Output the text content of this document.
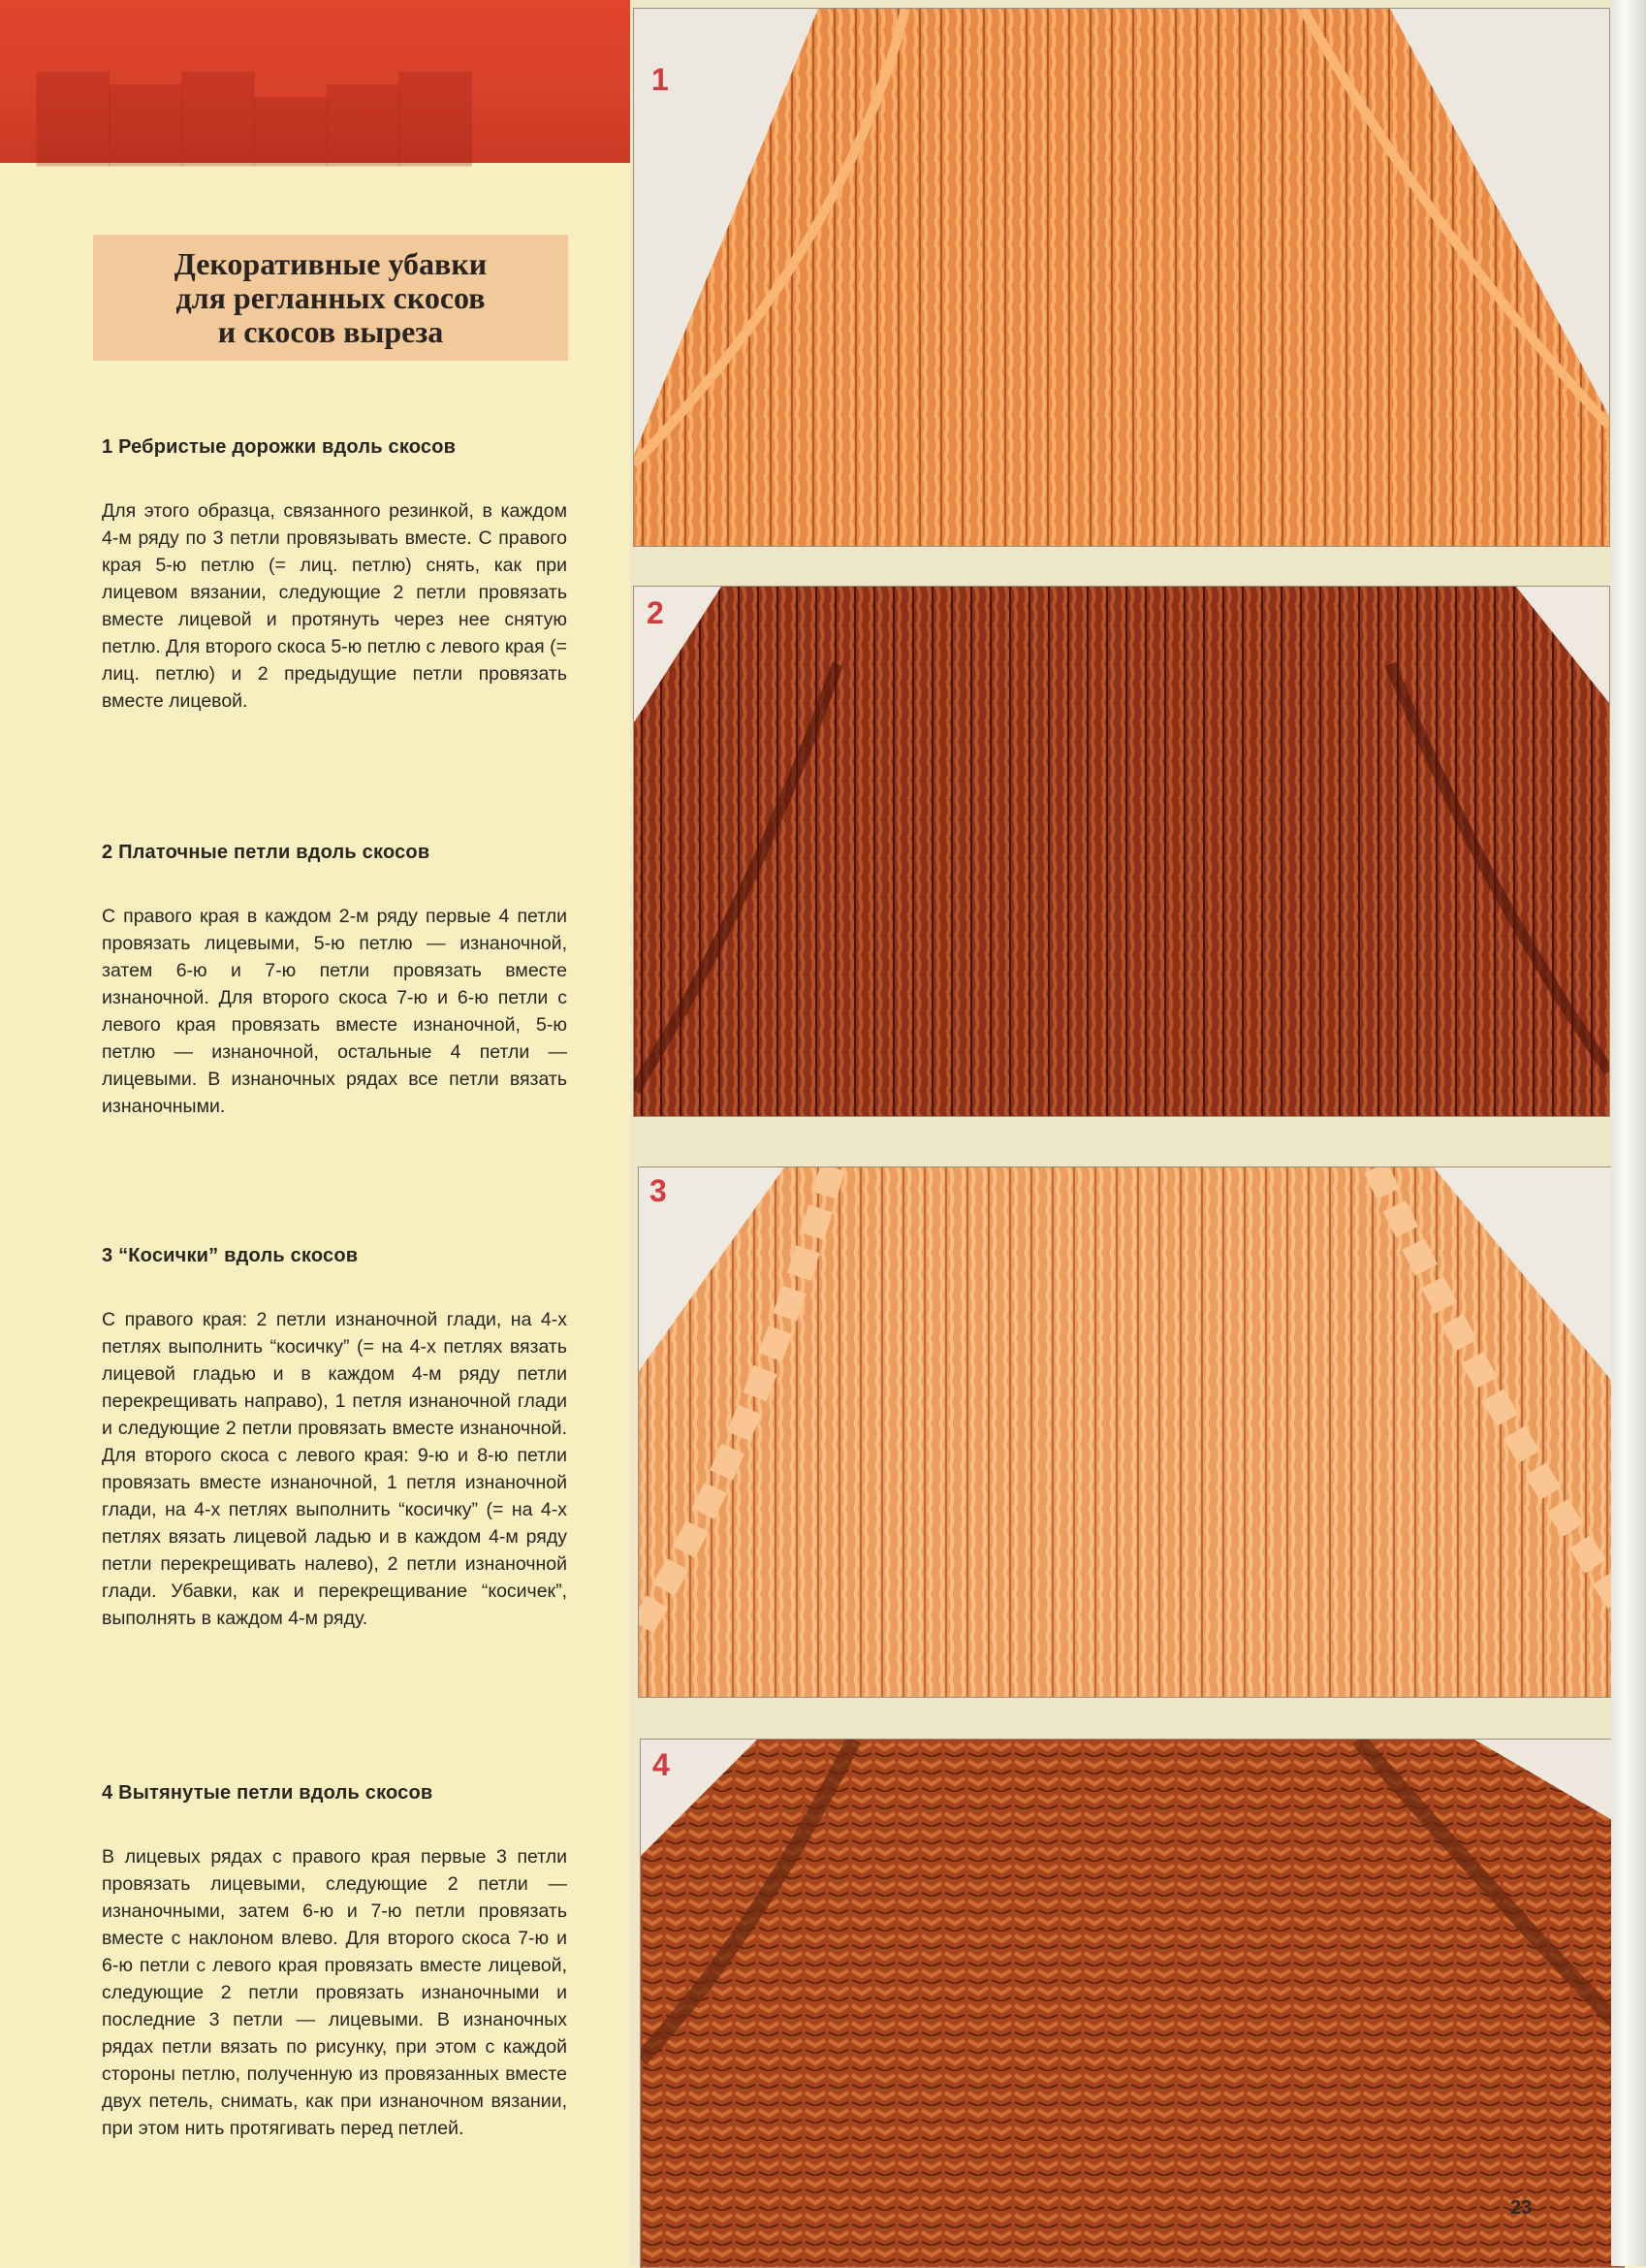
▇▆▇▅▆▇
Декоративные убавки
для регланных скосов
и скосов выреза
1 Ребристые дорожки вдоль скосов

Для этого образца, связанного резинкой, в каждом 4-м ряду по 3 петли провязывать вместе. С правого края 5-ю петлю (= лиц. петлю) снять, как при лицевом вязании, следующие 2 петли провязать вместе лицевой и протянуть через нее снятую петлю. Для второго скоса 5-ю петлю с левого края (= лиц. петлю) и 2 предыдущие петли провязать вместе лицевой.

2 Платочные петли вдоль скосов

С правого края в каждом 2-м ряду первые 4 петли провязать лицевыми, 5-ю петлю — изнаночной, затем 6-ю и 7-ю петли провязать вместе изнаночной. Для второго скоса 7-ю и 6-ю петли с левого края провязать вместе изнаночной, 5-ю петлю — изнаночной, остальные 4 петли — лицевыми. В изнаночных рядах все петли вязать изнаночными.

3 “Косички” вдоль скосов

С правого края: 2 петли изнаночной глади, на 4-х петлях выполнить “косичку” (= на 4-х петлях вязать лицевой гладью и в каждом 4-м ряду петли перекрещивать направо), 1 петля изнаночной глади и следующие 2 петли провязать вместе изнаночной. Для второго скоса с левого края: 9-ю и 8-ю петли провязать вместе изнаночной, 1 петля изнаночной глади, на 4-х петлях выполнить “косичку” (= на 4-х петлях вязать лицевой ладью и в каждом 4-м ряду петли перекрещивать налево), 2 петли изнаночной глади. Убавки, как и перекрещивание “косичек”, выполнять в каждом 4-м ряду.

4 Вытянутые петли вдоль скосов

В лицевых рядах с правого края первые 3 петли провязать лицевыми, следующие 2 петли — изнаночными, затем 6-ю и 7-ю петли провязать вместе с наклоном влево. Для второго скоса 7-ю и 6-ю петли с левого края провязать вместе лицевой, следующие 2 петли провязать изнаночными и последние 3 петли — лицевыми. В изнаночных рядах петли вязать по рисунку, при этом с каждой стороны петлю, полученную из провязанных вместе двух петель, снимать, как при изнаночном вязании, при этом нить протягивать перед петлей.

1
2
3
4
23
